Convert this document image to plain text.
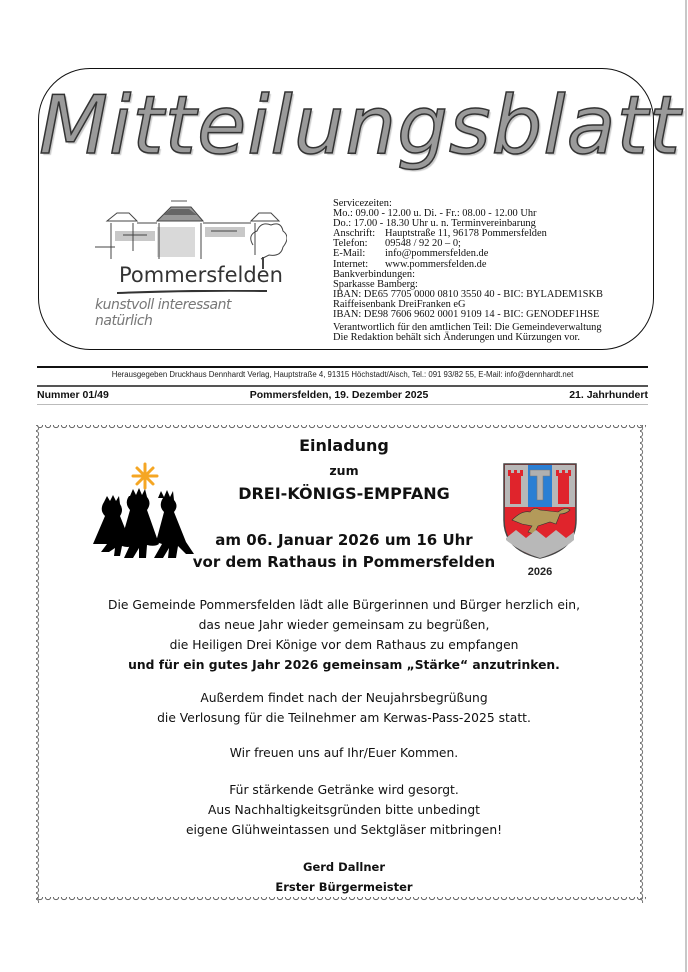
Mitteilungsblatt
Pommersfelden
kunstvoll interessant natürlich
Servicezeiten:
Mo.: 09.00 - 12.00 u. Di. - Fr.: 08.00 - 12.00 Uhr
Do.: 17.00 - 18.30 Uhr u. n. Terminvereinbarung
Anschrift: Hauptstraße 11, 96178 Pommersfelden
Telefon:	09548 / 92 20 – 0;
E-Mail:	info@pommersfelden.de
Internet:	www.pommersfelden.de
Bankverbindungen:
Sparkasse Bamberg:
IBAN: DE65 7705 0000 0810 3550 40 - BIC: BYLADEM1SKB
Raiffeisenbank DreiFranken eG
IBAN: DE98 7606 9602 0001 9109 14 - BIC: GENODEF1HSE
Verantwortlich für den amtlichen Teil: Die Gemeindeverwaltung
Die Redaktion behält sich Änderungen und Kürzungen vor.
Herausgegeben Druckhaus Dennhardt Verlag, Hauptstraße 4, 91315 Höchstadt/Aisch, Tel.: 091 93/82 55, E-Mail: info@dennhardt.net
Nummer 01/49	Pommersfelden, 19. Dezember 2025	21. Jahrhundert
2026
Einladung
zum
DREI-KÖNIGS-EMPFANG
am 06. Januar 2026 um 16 Uhr
vor dem Rathaus in Pommersfelden
Die Gemeinde Pommersfelden lädt alle Bürgerinnen und Bürger herzlich ein,
das neue Jahr wieder gemeinsam zu begrüßen,
die Heiligen Drei Könige vor dem Rathaus zu empfangen
und für ein gutes Jahr 2026 gemeinsam „Stärke“ anzutrinken.
Außerdem findet nach der Neujahrsbegrüßung
die Verlosung für die Teilnehmer am Kerwas-Pass-2025 statt.
Wir freuen uns auf Ihr/Euer Kommen.
Für stärkende Getränke wird gesorgt.
Aus Nachhaltigkeitsgründen bitte unbedingt
eigene Glühweintassen und Sektgläser mitbringen!
Gerd Dallner
Erster Bürgermeister
